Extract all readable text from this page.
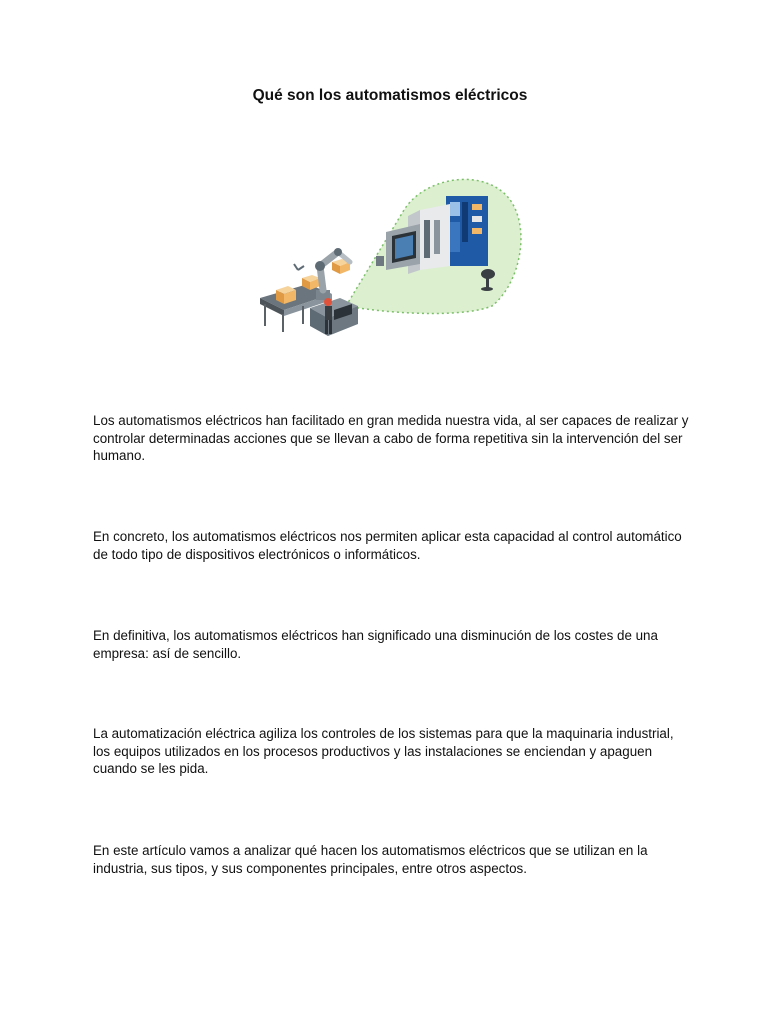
Qué son los automatismos eléctricos

Los automatismos eléctricos han facilitado en gran medida nuestra vida, al ser capaces de realizar y controlar determinadas acciones que se llevan a cabo de forma repetitiva sin la intervención del ser humano.

En concreto, los automatismos eléctricos nos permiten aplicar esta capacidad al control automático de todo tipo de dispositivos electrónicos o informáticos.

En definitiva, los automatismos eléctricos han significado una disminución de los costes de una empresa: así de sencillo.

La automatización eléctrica agiliza los controles de los sistemas para que la maquinaria industrial, los equipos utilizados en los procesos productivos y las instalaciones se enciendan y apaguen cuando se les pida.

En este artículo vamos a analizar qué hacen los automatismos eléctricos que se utilizan en la industria, sus tipos, y sus componentes principales, entre otros aspectos.
